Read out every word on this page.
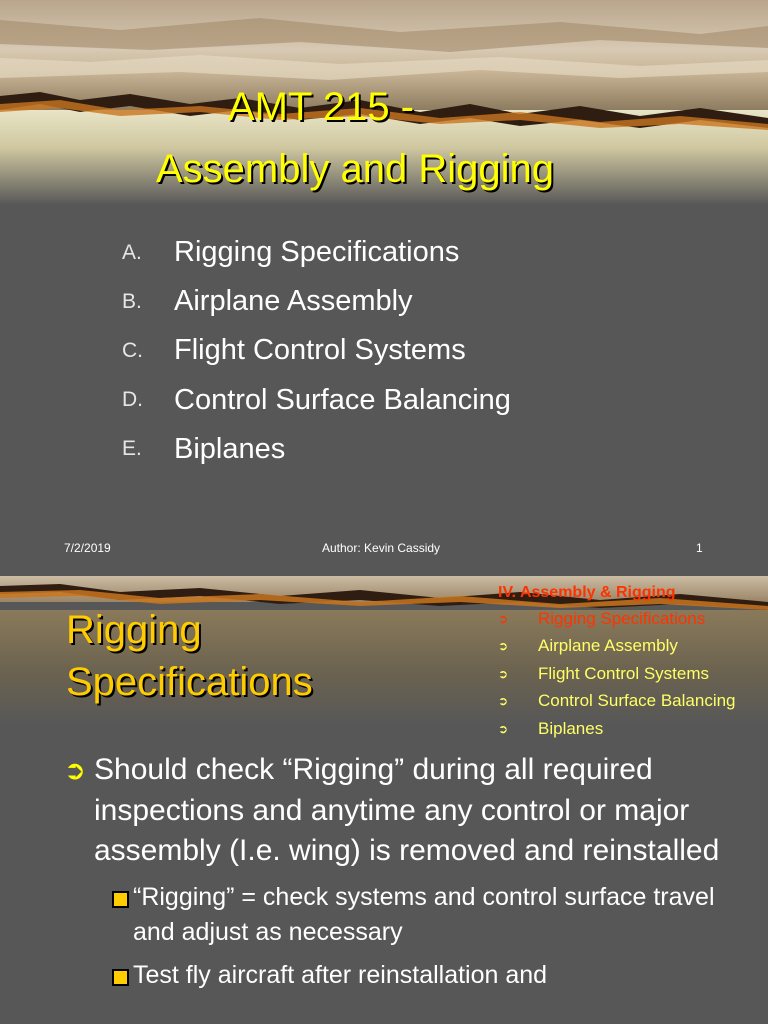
AMT 215 -
Assembly and Rigging
A.	Rigging Specifications
B.	Airplane Assembly
C.	Flight Control Systems
D.	Control Surface Balancing
E.	Biplanes
7/2/2019	Author: Kevin Cassidy	1
Rigging
Specifications
IV. Assembly & Rigging
➲	Rigging Specifications
➲	Airplane Assembly
➲	Flight Control Systems
➲	Control Surface Balancing
➲	Biplanes
➲ Should check “Rigging” during all required inspections and anytime any control or major assembly (I.e. wing) is removed and reinstalled
“Rigging” = check systems and control surface travel and adjust as necessary
Test fly aircraft after reinstallation and
